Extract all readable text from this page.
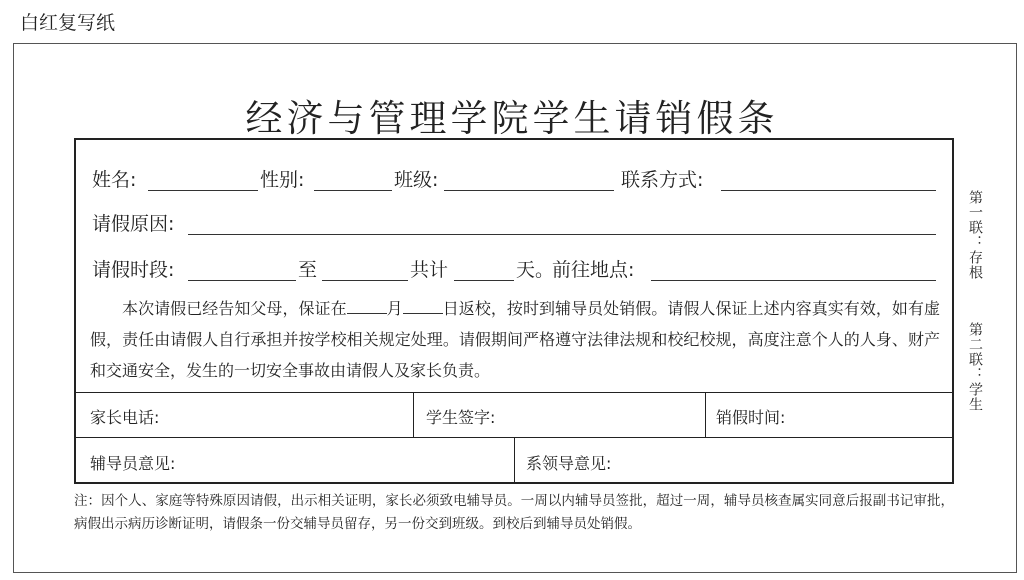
白红复写纸
经济与管理学院学生请销假条
姓名:	性别:	班级:	联系方式:
请假原因:
请假时段:	至	共计	天。
前往地点:
本次请假已经告知父母，保证在	月	日返校，按时到辅导员处销假。请假人保证上述内容真实有效，如有虚假，责任由请假人自行承担并按学校相关规定处理。请假期间严格遵守法律法规和校纪校规，高度注意个人的人身、财产和交通安全，发生的一切安全事故由请假人及家长负责。
家长电话:	学生签字:	销假时间:
辅导员意见:	系领导意见:
注：因个人、家庭等特殊原因请假，出示相关证明，家长必须致电辅导员。一周以内辅导员签批，超过一周，辅导员核查属实同意后报副书记审批，病假出示病历诊断证明，请假条一份交辅导员留存，另一份交到班级。到校后到辅导员处销假。
第一联：存根
第二联：学生
